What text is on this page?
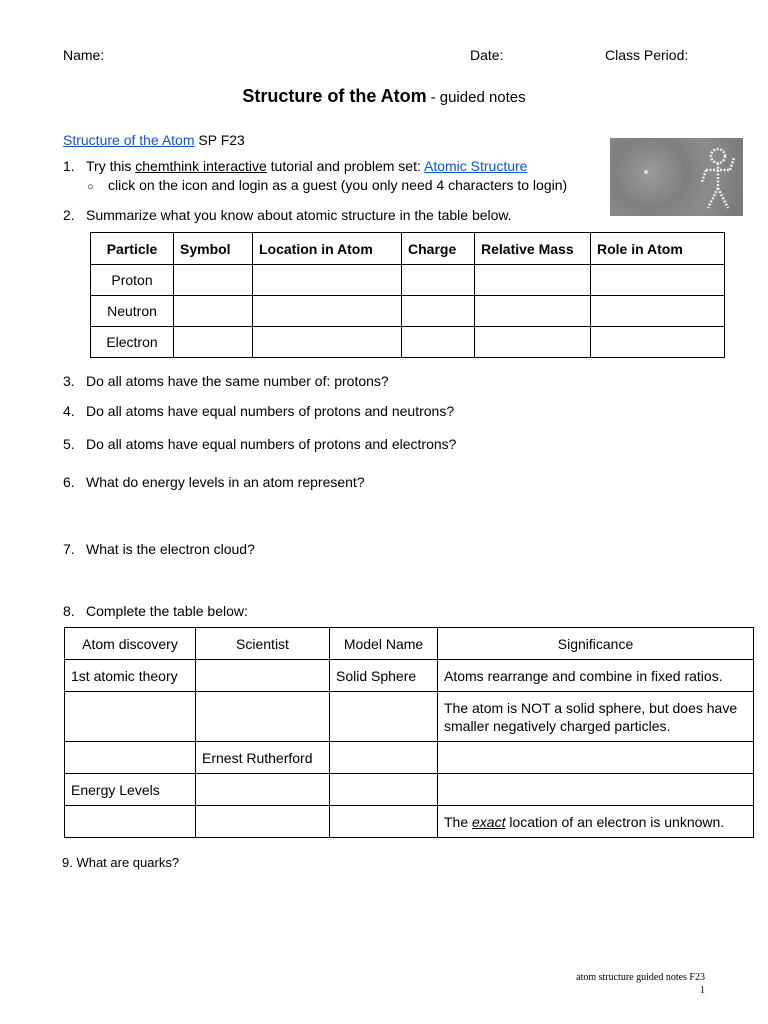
Name:	Date:	Class Period:
Structure of the Atom - guided notes
Structure of the Atom SP F23
1. Try this chemthink interactive tutorial and problem set: Atomic Structure
○ click on the icon and login as a guest (you only need 4 characters to login)
2. Summarize what you know about atomic structure in the table below.
Particle	Symbol	Location in Atom	Charge	Relative Mass	Role in Atom
Proton					
Neutron					
Electron					
3. Do all atoms have the same number of: protons?
4. Do all atoms have equal numbers of protons and neutrons?
5. Do all atoms have equal numbers of protons and electrons?
6. What do energy levels in an atom represent?
7. What is the electron cloud?
8. Complete the table below:
Atom discovery	Scientist	Model Name	Significance
1st atomic theory		Solid Sphere	Atoms rearrange and combine in fixed ratios.
			The atom is NOT a solid sphere, but does have smaller negatively charged particles.
	Ernest Rutherford		
Energy Levels			
			The exact location of an electron is unknown.
9. What are quarks?
atom structure guided notes F23
1
